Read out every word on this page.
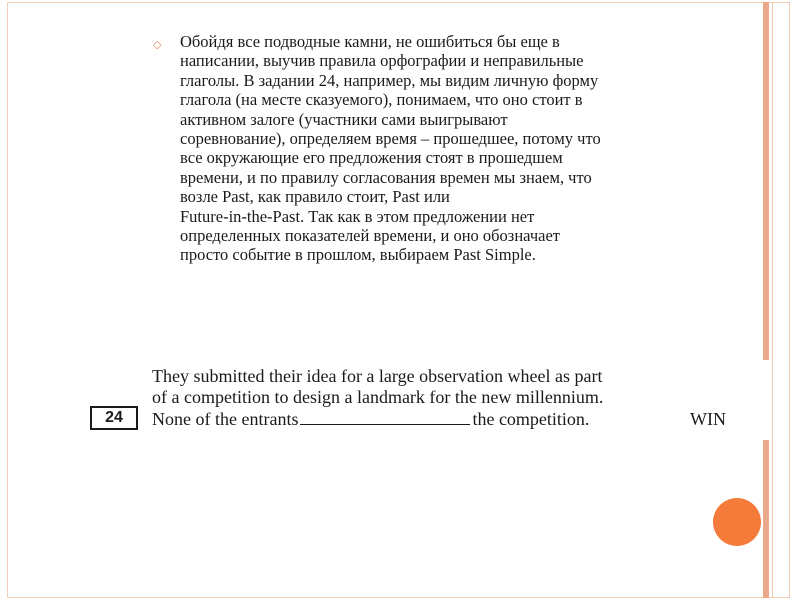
◇ Обойдя все подводные камни, не ошибиться бы еще в
написании, выучив правила орфографии и неправильные
глаголы. В задании 24, например, мы видим личную форму
глагола (на месте сказуемого), понимаем, что оно стоит в
активном залоге (участники сами выигрывают
соревнование), определяем время – прошедшее, потому что
все окружающие его предложения стоят в прошедшем
времени, и по правилу согласования времен мы знаем, что
возле Past, как правило стоит, Past или
Future-in-the-Past. Так как в этом предложении нет
определенных показателей времени, и оно обозначает
просто событие в прошлом, выбираем Past Simple.
They submitted their idea for a large observation wheel as part
of a competition to design a landmark for the new millennium.
None of the entrants	the competition.
24	WIN
